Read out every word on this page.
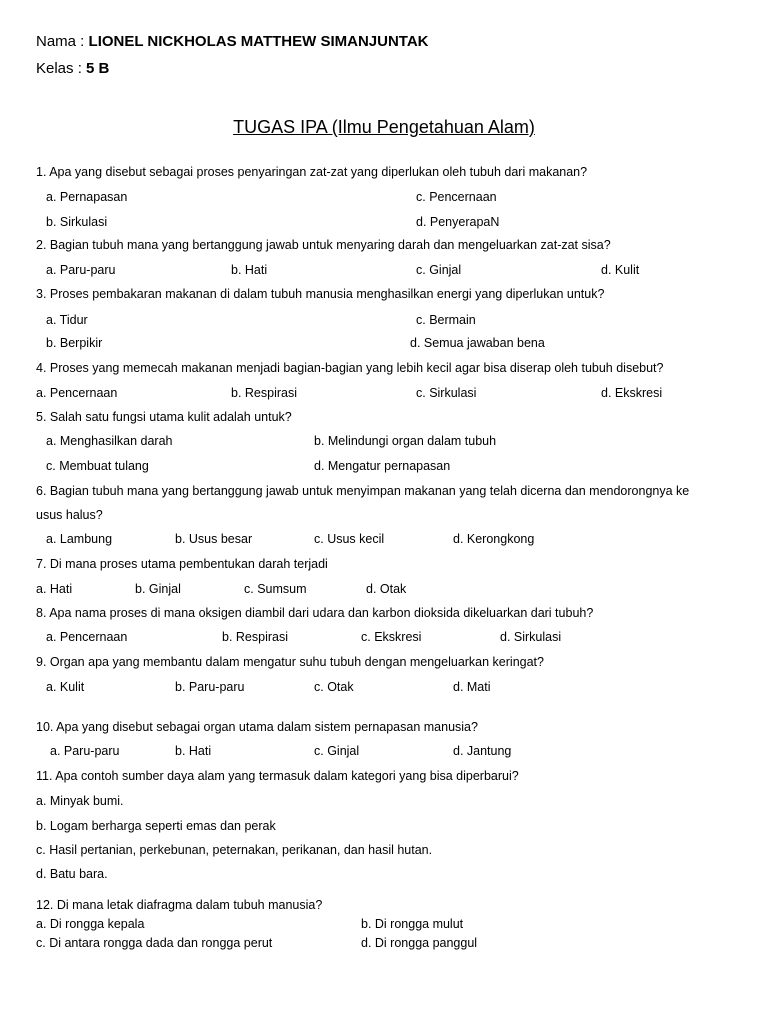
Nama : LIONEL NICKHOLAS MATTHEW SIMANJUNTAK
Kelas : 5 B
TUGAS IPA (Ilmu Pengetahuan Alam)
1. Apa yang disebut sebagai proses penyaringan zat-zat yang diperlukan oleh tubuh dari makanan?
a. Pernapasan	c. Pencernaan
b. Sirkulasi	d. PenyerapaN
2. Bagian tubuh mana yang bertanggung jawab untuk menyaring darah dan mengeluarkan zat-zat sisa?
a. Paru-paru	b. Hati	c. Ginjal	d. Kulit
3. Proses pembakaran makanan di dalam tubuh manusia menghasilkan energi yang diperlukan untuk?
a. Tidur	c. Bermain
b. Berpikir	d. Semua jawaban bena
4. Proses yang memecah makanan menjadi bagian-bagian yang lebih kecil agar bisa diserap oleh tubuh disebut?
a. Pencernaan	b. Respirasi	c. Sirkulasi	d. Ekskresi
5. Salah satu fungsi utama kulit adalah untuk?
a. Menghasilkan darah	b. Melindungi organ dalam tubuh
c. Membuat tulang	d. Mengatur pernapasan
6. Bagian tubuh mana yang bertanggung jawab untuk menyimpan makanan yang telah dicerna dan mendorongnya ke
usus halus?
a. Lambung	b. Usus besar	c. Usus kecil	d. Kerongkong
7. Di mana proses utama pembentukan darah terjadi
a. Hati	b. Ginjal	c. Sumsum	d. Otak
8. Apa nama proses di mana oksigen diambil dari udara dan karbon dioksida dikeluarkan dari tubuh?
a. Pencernaan	b. Respirasi	c. Ekskresi	d. Sirkulasi
9. Organ apa yang membantu dalam mengatur suhu tubuh dengan mengeluarkan keringat?
a. Kulit	b. Paru-paru	c. Otak	d. Mati
10. Apa yang disebut sebagai organ utama dalam sistem pernapasan manusia?
a. Paru-paru	b. Hati	c. Ginjal	d. Jantung
11. Apa contoh sumber daya alam yang termasuk dalam kategori yang bisa diperbarui?
a. Minyak bumi.
b. Logam berharga seperti emas dan perak
c. Hasil pertanian, perkebunan, peternakan, perikanan, dan hasil hutan.
d. Batu bara.
12. Di mana letak diafragma dalam tubuh manusia?
a. Di rongga kepala	b. Di rongga mulut
c. Di antara rongga dada dan rongga perut	d. Di rongga panggul
